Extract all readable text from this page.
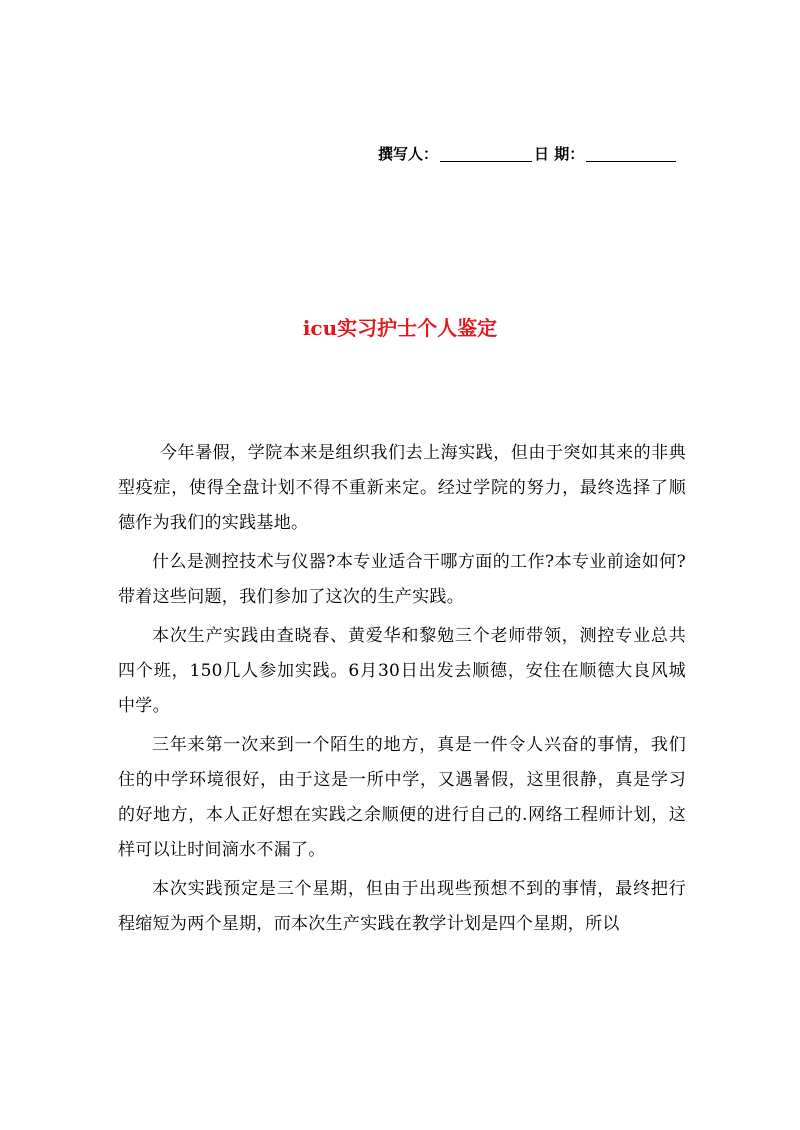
撰写人：	日 期：
icu实习护士个人鉴定

今年暑假，学院本来是组织我们去上海实践，但由于突如其来的非典型疫症，使得全盘计划不得不重新来定。经过学院的努力，最终选择了顺德作为我们的实践基地。

什么是测控技术与仪器?本专业适合干哪方面的工作?本专业前途如何?带着这些问题，我们参加了这次的生产实践。

本次生产实践由查晓春、黄爱华和黎勉三个老师带领，测控专业总共四个班，150几人参加实践。6月30日出发去顺德，安住在顺德大良风城中学。

三年来第一次来到一个陌生的地方，真是一件令人兴奋的事情，我们住的中学环境很好，由于这是一所中学，又遇暑假，这里很静，真是学习的好地方，本人正好想在实践之余顺便的进行自己的.网络工程师计划，这样可以让时间滴水不漏了。

本次实践预定是三个星期，但由于出现些预想不到的事情，最终把行程缩短为两个星期，而本次生产实践在教学计划是四个星期，所以
